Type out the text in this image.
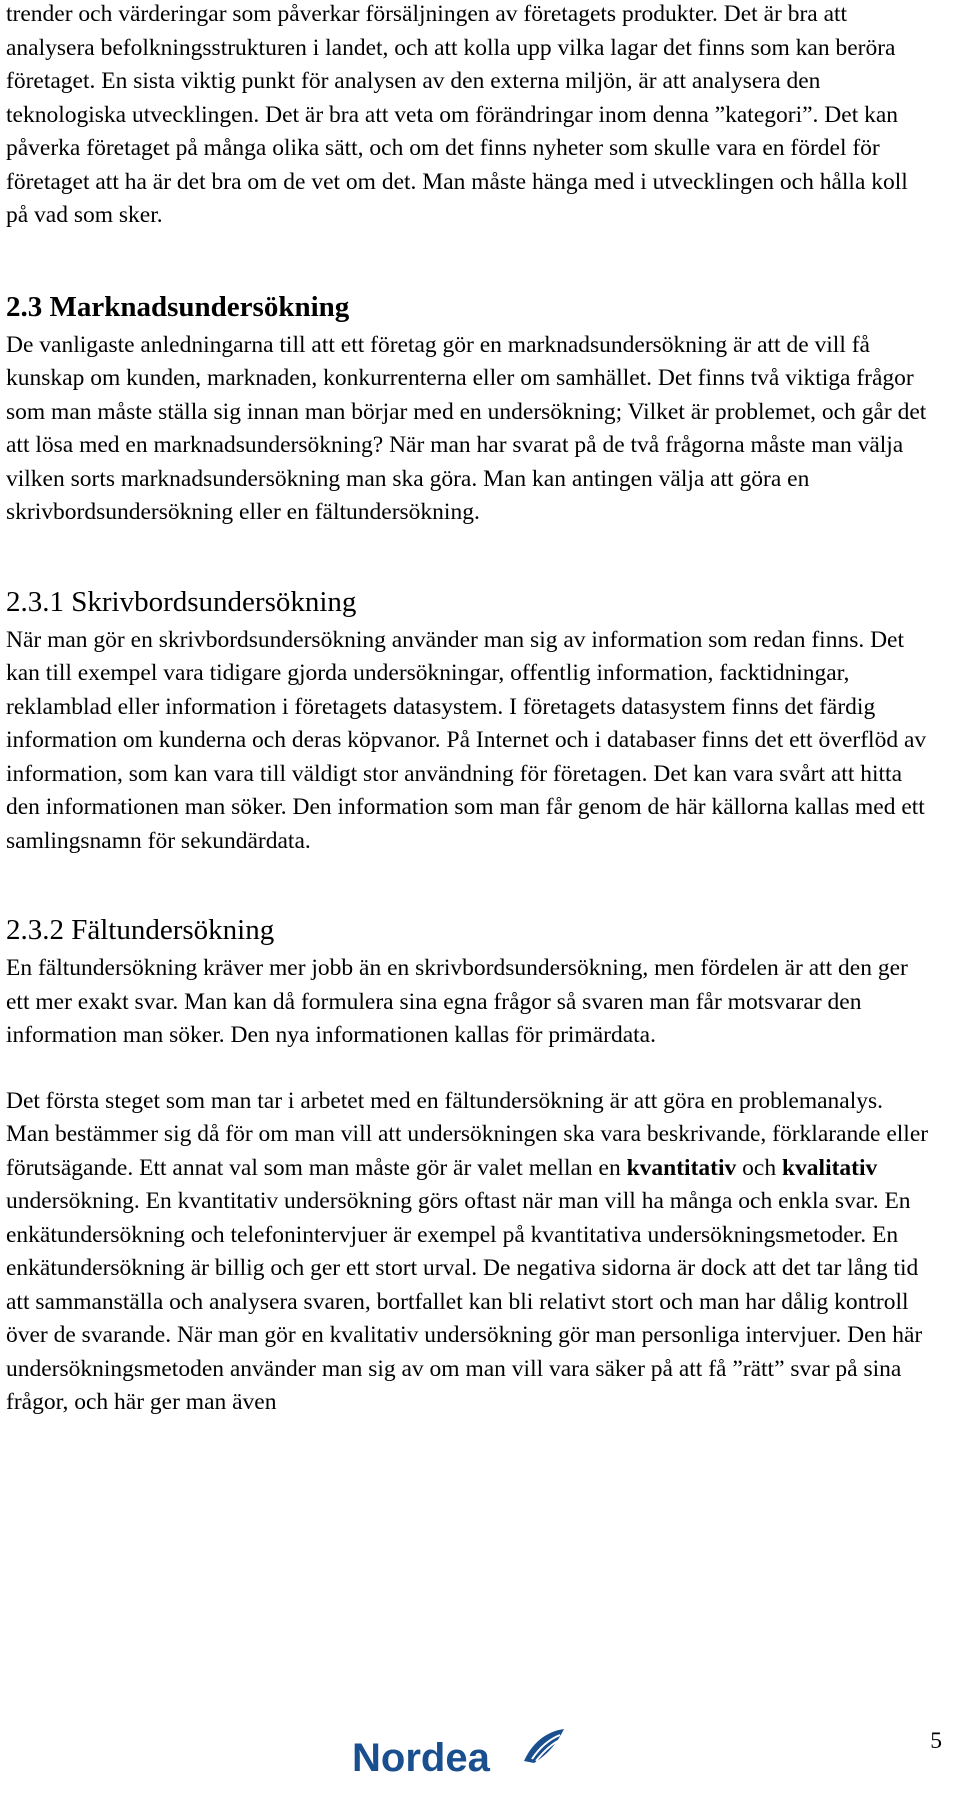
trender och värderingar som påverkar försäljningen av företagets produkter. Det är bra att analysera befolkningsstrukturen i landet, och att kolla upp vilka lagar det finns som kan beröra företaget. En sista viktig punkt för analysen av den externa miljön, är att analysera den teknologiska utvecklingen. Det är bra att veta om förändringar inom denna ”kategori”. Det kan påverka företaget på många olika sätt, och om det finns nyheter som skulle vara en fördel för företaget att ha är det bra om de vet om det. Man måste hänga med i utvecklingen och hålla koll på vad som sker.

2.3 Marknadsundersökning

De vanligaste anledningarna till att ett företag gör en marknadsundersökning är att de vill få kunskap om kunden, marknaden, konkurrenterna eller om samhället. Det finns två viktiga frågor som man måste ställa sig innan man börjar med en undersökning; Vilket är problemet, och går det att lösa med en marknadsundersökning? När man har svarat på de två frågorna måste man välja vilken sorts marknadsundersökning man ska göra. Man kan antingen välja att göra en skrivbordsundersökning eller en fältundersökning.

2.3.1 Skrivbordsundersökning

När man gör en skrivbordsundersökning använder man sig av information som redan finns. Det kan till exempel vara tidigare gjorda undersökningar, offentlig information, facktidningar, reklamblad eller information i företagets datasystem. I företagets datasystem finns det färdig information om kunderna och deras köpvanor. På Internet och i databaser finns det ett överflöd av information, som kan vara till väldigt stor användning för företagen. Det kan vara svårt att hitta den informationen man söker. Den information som man får genom de här källorna kallas med ett samlingsnamn för sekundärdata.

2.3.2 Fältundersökning

En fältundersökning kräver mer jobb än en skrivbordsundersökning, men fördelen är att den ger ett mer exakt svar. Man kan då formulera sina egna frågor så svaren man får motsvarar den information man söker. Den nya informationen kallas för primärdata.

Det första steget som man tar i arbetet med en fältundersökning är att göra en problemanalys. Man bestämmer sig då för om man vill att undersökningen ska vara beskrivande, förklarande eller förutsägande. Ett annat val som man måste gör är valet mellan en kvantitativ och kvalitativ undersökning. En kvantitativ undersökning görs oftast när man vill ha många och enkla svar. En enkätundersökning och telefonintervjuer är exempel på kvantitativa undersökningsmetoder. En enkätundersökning är billig och ger ett stort urval. De negativa sidorna är dock att det tar lång tid att sammanställa och analysera svaren, bortfallet kan bli relativt stort och man har dålig kontroll över de svarande. När man gör en kvalitativ undersökning gör man personliga intervjuer. Den här undersökningsmetoden använder man sig av om man vill vara säker på att få ”rätt” svar på sina frågor, och här ger man även

5
Nordea
